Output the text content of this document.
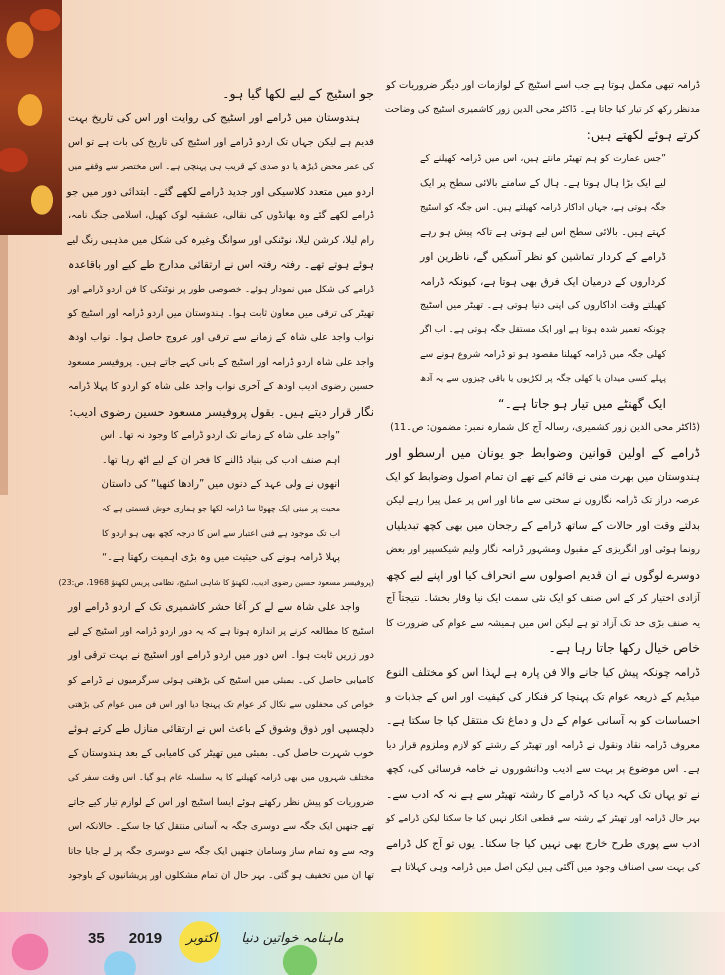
جو اسٹیج کے لیے لکھا گیا ہو۔
ہندوستان میں ڈرامے اور اسٹیج کی روایت اور اس کی تاریخ بہت
قدیم ہے لیکن جہاں تک اردو ڈرامے اور اسٹیج کی تاریخ کی بات ہے تو اس
کی عمر محض ڈیڑھ یا دو صدی کے قریب ہی پہنچی ہے۔ اس مختصر سے وقفے میں
اردو میں متعدد کلاسیکی اور جدید ڈرامے لکھے گئے۔ ابتدائی دور میں جو
ڈرامے لکھے گئے وہ بھانڈوں کی نقالی، عشقیہ لوک کھیل، اسلامی جنگ نامہ،
رام لیلا، کرشن لیلا، نوٹنکی اور سوانگ وغیرہ کی شکل میں مذہبی رنگ لیے
ہوئے ہوتے تھے۔ رفتہ رفتہ اس نے ارتقائی مدارج طے کیے اور باقاعدہ
ڈرامے کی شکل میں نمودار ہوئے۔ خصوصی طور پر نوٹنکی کا فن اردو ڈرامے اور
تھیٹر کی ترقی میں معاون ثابت ہوا۔ ہندوستان میں اردو ڈرامہ اور اسٹیج کو
نواب واجد علی شاہ کے زمانے سے ترقی اور عروج حاصل ہوا۔ نواب اودھ
واجد علی شاہ اردو ڈرامہ اور اسٹیج کے بانی کہے جاتے ہیں۔ پروفیسر مسعود
حسین رضوی ادیب اودھ کے آخری نواب واجد علی شاہ کو اردو کا پہلا ڈرامہ
نگار قرار دیتے ہیں۔ بقول پروفیسر مسعود حسین رضوی ادیب:
”واجد علی شاہ کے زمانے تک اردو ڈرامے کا وجود نہ تھا۔ اس
اہم صنف ادب کی بنیاد ڈالنے کا فخر ان کے لیے اٹھ رہا تھا۔
انھوں نے ولی عہد کے دنوں میں ”رادھا کنھیا“ کی داستان
محبت پر مبنی ایک چھوٹا سا ڈرامہ لکھا جو ہماری خوش قسمتی ہے کہ
اب تک موجود ہے فنی اعتبار سے اس کا درجہ کچھ بھی ہو اردو کا
پہلا ڈرامہ ہونے کی حیثیت میں وہ بڑی اہمیت رکھتا ہے۔“
(پروفیسر مسعود حسین رضوی ادیب، لکھنؤ کا شاہی اسٹیج، نظامی پریس لکھنؤ 1968، ص:23)
واجد علی شاہ سے لے کر آغا حشر کاشمیری تک کے اردو ڈرامے اور
اسٹیج کا مطالعہ کرنے پر اندازہ ہوتا ہے کہ یہ دور اردو ڈرامہ اور اسٹیج کے لیے
دور زریں ثابت ہوا۔ اس دور میں اردو ڈرامے اور اسٹیج نے بہت ترقی اور
کامیابی حاصل کی۔ بمبئی میں اسٹیج کی بڑھتی ہوئی سرگرمیوں نے ڈرامے کو
خواص کی محفلوں سے نکال کر عوام تک پہنچا دیا اور اس فن میں عوام کی بڑھتی
دلچسپی اور ذوق وشوق کے باعث اس نے ارتقائی منازل طے کرتے ہوئے
خوب شہرت حاصل کی۔ بمبئی میں تھیٹر کی کامیابی کے بعد ہندوستان کے
مختلف شہروں میں بھی ڈرامہ کھیلنے کا یہ سلسلہ عام ہو گیا۔ اس وقت سفر کی
ضروریات کو پیش نظر رکھتے ہوئے ایسا اسٹیج اور اس کے لوازم تیار کیے جاتے
تھے جنھیں ایک جگہ سے دوسری جگہ بہ آسانی منتقل کیا جا سکے۔ حالانکہ اس
وجہ سے وہ تمام ساز وسامان جنھیں ایک جگہ سے دوسری جگہ پر لے جایا جاتا
تھا ان میں تخفیف ہو گئی۔ بہر حال ان تمام مشکلوں اور پریشانیوں کے باوجود
ڈرامہ تبھی مکمل ہوتا ہے جب اسے اسٹیج کے لوازمات اور دیگر ضروریات کو
مدنظر رکھ کر تیار کیا جاتا ہے۔ ڈاکٹر محی الدین زور کاشمیری اسٹیج کی وضاحت
کرتے ہوئے لکھتے ہیں:
”جس عمارت کو ہم تھیٹر مانتے ہیں، اس میں ڈرامہ کھیلنے کے
لیے ایک بڑا ہال ہوتا ہے۔ ہال کے سامنے بالائی سطح پر ایک
جگہ ہوتی ہے، جہاں اداکار ڈرامہ کھیلتے ہیں۔ اس جگہ کو اسٹیج
کہتے ہیں۔ بالائی سطح اس لیے ہوتی ہے تاکہ پیش ہو رہے
ڈرامے کے کردار تماشین کو نظر آسکیں گے، ناظرین اور
کرداروں کے درمیان ایک فرق بھی ہوتا ہے، کیونکہ ڈرامہ
کھیلتے وقت اداکاروں کی اپنی دنیا ہوتی ہے۔ تھیٹر میں اسٹیج
چونکہ تعمیر شدہ ہوتا ہے اور ایک مستقل جگہ ہوتی ہے۔ اب اگر
کھلی جگہ میں ڈرامہ کھیلنا مقصود ہو تو ڈرامہ شروع ہونے سے
پہلے کسی میدان یا کھلی جگہ پر لکڑیوں یا باقی چیزوں سے یہ آدھ
ایک گھنٹے میں تیار ہو جاتا ہے۔“
(ڈاکٹر محی الدین زور کشمیری، رسالہ آج کل شمارہ نمبر: مضمون: ص۔11)
ڈرامے کے اولین قوانین وضوابط جو یونان میں ارسطو اور
ہندوستان میں بھرت منی نے قائم کیے تھے ان تمام اصول وضوابط کو ایک
عرصہ دراز تک ڈرامہ نگاروں نے سختی سے مانا اور اس پر عمل پیرا رہے لیکن
بدلتے وقت اور حالات کے ساتھ ڈرامے کے رجحان میں بھی کچھ تبدیلیاں
رونما ہوئی اور انگریزی کے مقبول ومشہور ڈرامہ نگار ولیم شیکسپیر اور بعض
دوسرے لوگوں نے ان قدیم اصولوں سے انحراف کیا اور اپنے لیے کچھ
آزادی اختیار کر کے اس صنف کو ایک نئی سمت ایک نیا وقار بخشا۔ نتیجتاً آج
یہ صنف بڑی حد تک آزاد تو ہے لیکن اس میں ہمیشہ سے عوام کی ضرورت کا
خاص خیال رکھا جاتا رہا ہے۔
ڈرامہ چونکہ پیش کیا جانے والا فن پارہ ہے لہذا اس کو مختلف النوع
میڈیم کے ذریعہ عوام تک پہنچا کر فنکار کی کیفیت اور اس کے جذبات و
احساسات کو بہ آسانی عوام کے دل و دماغ تک منتقل کیا جا سکتا ہے۔
معروف ڈرامہ نقاد ونقول نے ڈرامہ اور تھیٹر کے رشتے کو لازم وملزوم قرار دیا
ہے۔ اس موضوع پر بہت سے ادیب ودانشوروں نے خامہ فرسائی کی، کچھ
نے تو یہاں تک کہہ دیا کہ ڈرامے کا رشتہ تھیٹر سے ہے نہ کہ ادب سے۔
بہر حال ڈرامہ اور تھیٹر کے رشتہ سے قطعی انکار نہیں کیا جا سکتا لیکن ڈرامے کو
ادب سے پوری طرح خارج بھی نہیں کیا جا سکتا۔ یوں تو آج کل ڈرامے
کی بہت سی اصناف وجود میں آگئی ہیں لیکن اصل میں ڈرامہ وہی کہلاتا ہے
35 2019 اکتوبر ماہنامہ خواتین دنیا
